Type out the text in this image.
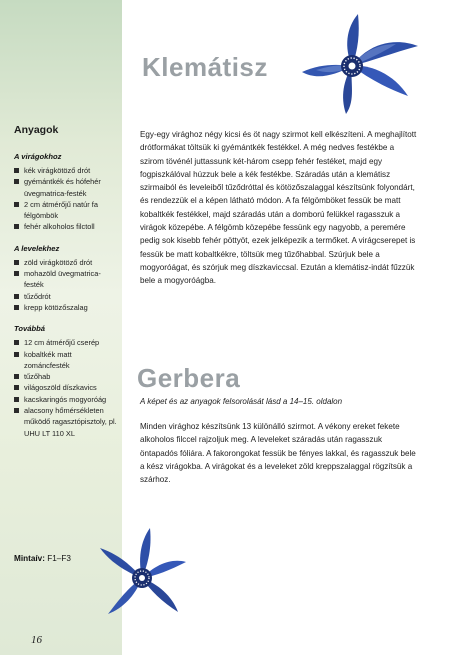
Anyagok
A virágokhoz
kék virágkötöző drót
gyémántkék és hófehér üvegmatrica-festék
2 cm átmérőjű natúr fa félgömbök
fehér alkoholos filctoll
A levelekhez
zöld virágkötöző drót
mohazöld üvegmatrica-festék
tűződrót
krepp kötözőszalag
Továbbá
12 cm átmérőjű cserép
kobaltkék matt zománcfesték
tűzőhab
világoszöld díszkavics
kacskaringós mogyoróág
alacsony hőmérsékleten működő ragasztópisztoly, pl. UHU LT 110 XL
Mintaív: F1–F3
16
Klemátisz
Egy-egy virághoz négy kicsi és öt nagy szirmot kell elkészíteni. A meghajlított drótformákat töltsük ki gyémántkék festékkel. A még nedves festékbe a szirom tövénél juttassunk két-három csepp fehér festéket, majd egy fogpiszkálóval húzzuk bele a kék festékbe. Száradás után a klemátisz szirmaiból és leveleiből tűződróttal és kötözőszalaggal készítsünk folyondárt, és rendezzük el a képen látható módon. A fa félgömböket fessük be matt kobaltkék festékkel, majd száradás után a domború felükkel ragasszuk a virágok közepébe. A félgömb közepébe fessünk egy nagyobb, a peremére pedig sok kisebb fehér pöttyöt, ezek jelképezik a termőket. A virágcserepet is fessük be matt kobaltkékre, töltsük meg tűzőhabbal. Szúrjuk bele a mogyoróágat, és szórjuk meg díszkaviccsal. Ezután a klemátisz-indát fűzzük bele a mogyoróágba.
Gerbera
A képet és az anyagok felsorolását lásd a 14–15. oldalon
Minden virághoz készítsünk 13 különálló szirmot. A vékony ereket fekete alkoholos filccel rajzoljuk meg. A leveleket száradás után ragasszuk öntapadós fóliára. A fakorongokat fessük be fényes lakkal, és ragasszuk bele a kész virágokba. A virágokat és a leveleket zöld kreppszalaggal rögzítsük a szárhoz.
